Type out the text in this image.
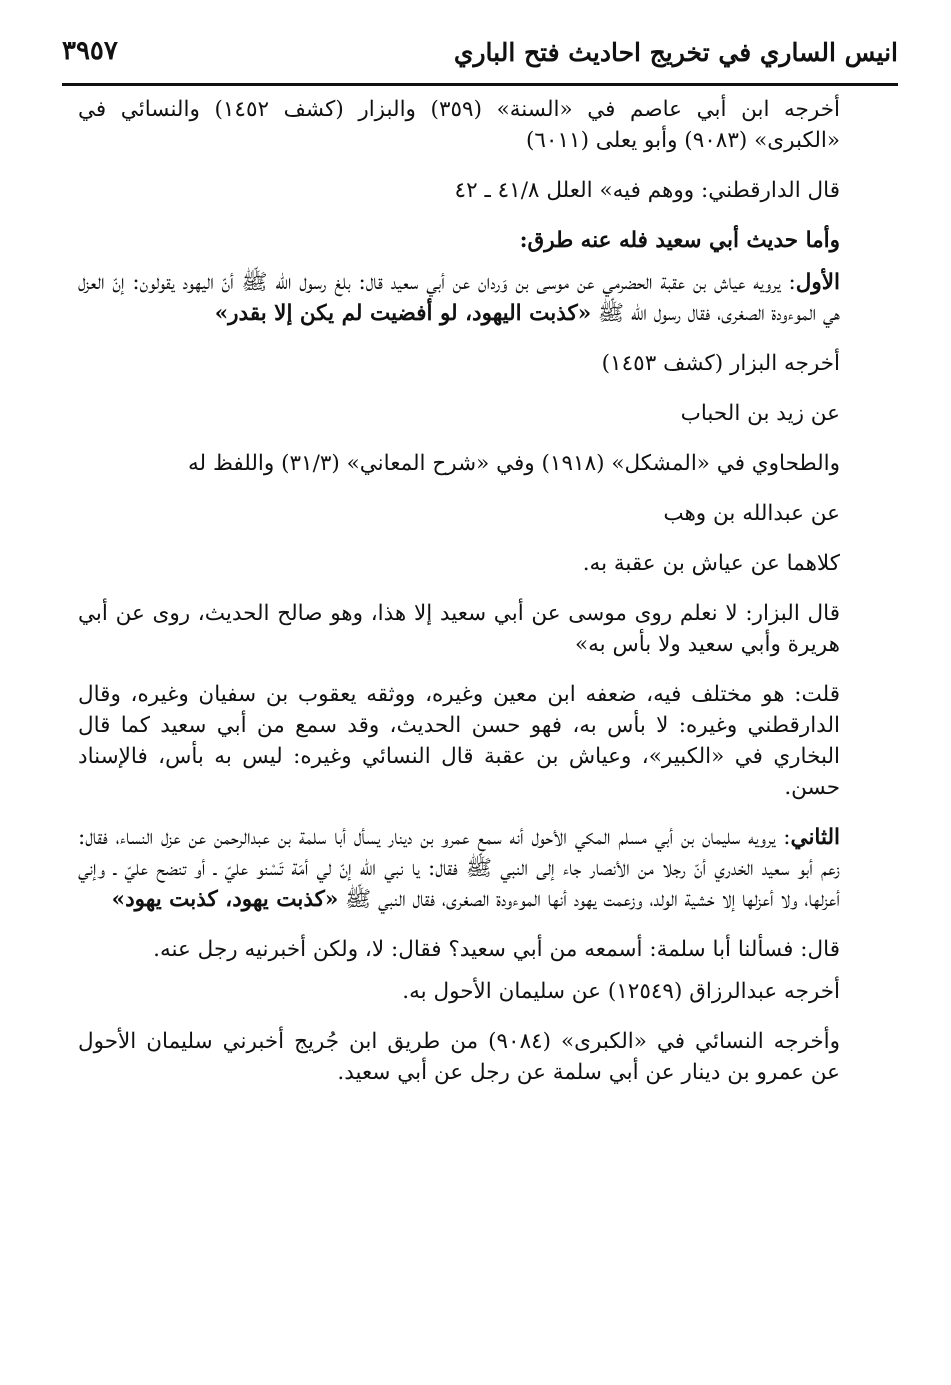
انيس الساري في تخريج احاديث فتح الباري
٣٩٥٧

أخرجه ابن أبي عاصم في «السنة» (٣٥٩) والبزار (كشف ١٤٥٢) والنسائي في «الكبرى» (٩٠٨٣) وأبو يعلى (٦٠١١)

قال الدارقطني: ووهم فيه» العلل ٤١/٨ ـ ٤٢

وأما حديث أبي سعيد فله عنه طرق:

الأول: يرويه عياش بن عقبة الحضرمي عن موسى بن وَردان عن أبي سعيد قال: بلغ رسول الله ﷺ أنّ اليهود يقولون: إنّ العزل هي الموءودة الصغرى، فقال رسول الله ﷺ «كذبت اليهود، لو أفضيت لم يكن إلا بقدر»

أخرجه البزار (كشف ١٤٥٣)

عن زيد بن الحباب

والطحاوي في «المشكل» (١٩١٨) وفي «شرح المعاني» (٣١/٣) واللفظ له

عن عبدالله بن وهب

كلاهما عن عياش بن عقبة به.

قال البزار: لا نعلم روى موسى عن أبي سعيد إلا هذا، وهو صالح الحديث، روى عن أبي هريرة وأبي سعيد ولا بأس به»

قلت: هو مختلف فيه، ضعفه ابن معين وغيره، ووثقه يعقوب بن سفيان وغيره، وقال الدارقطني وغيره: لا بأس به، فهو حسن الحديث، وقد سمع من أبي سعيد كما قال البخاري في «الكبير»، وعياش بن عقبة قال النسائي وغيره: ليس به بأس، فالإسناد حسن.

الثاني: يرويه سليمان بن أبي مسلم المكي الأحول أنه سمع عمرو بن دينار يسأل أبا سلمة بن عبدالرحمن عن عزل النساء، فقال: زعم أبو سعيد الخدري أنّ رجلا من الأنصار جاء إلى النبي ﷺ فقال: يا نبي الله إنّ لي أمَة تَسْنو عليّ ـ أو تنضح عليّ ـ وإني أعزلها، ولا أعزلها إلا خشية الولد، وزعمت يهود أنها الموءودة الصغرى، فقال النبي ﷺ «كذبت يهود، كذبت يهود»

قال: فسألنا أبا سلمة: أسمعه من أبي سعيد؟ فقال: لا، ولكن أخبرنيه رجل عنه.

أخرجه عبدالرزاق (١٢٥٤٩) عن سليمان الأحول به.

وأخرجه النسائي في «الكبرى» (٩٠٨٤) من طريق ابن جُريج أخبرني سليمان الأحول عن عمرو بن دينار عن أبي سلمة عن رجل عن أبي سعيد.
